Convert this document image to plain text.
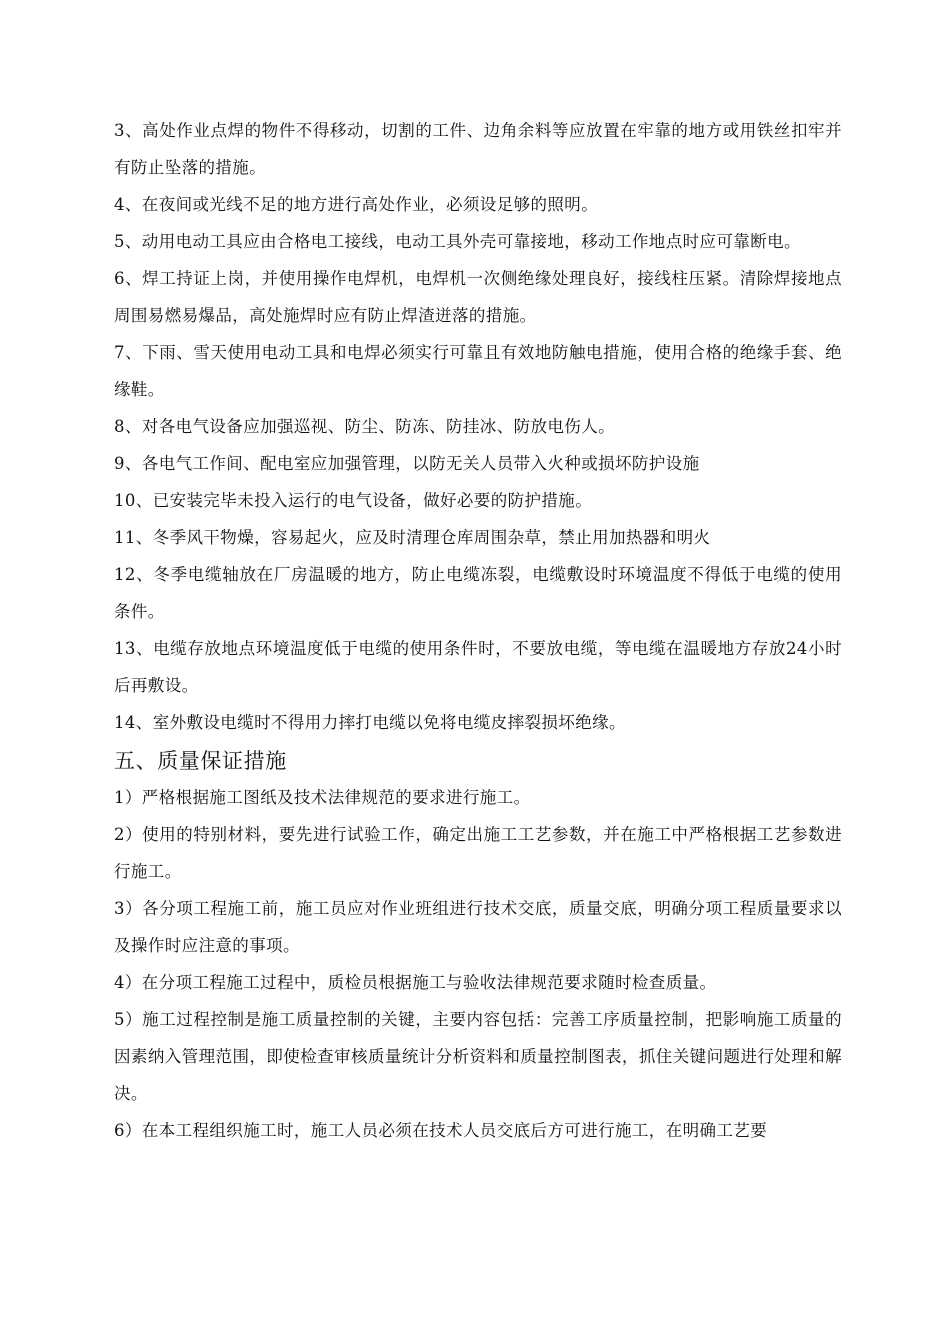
3、高处作业点焊的物件不得移动，切割的工件、边角余料等应放置在牢靠的地方或用铁丝扣牢并有防止坠落的措施。

4、在夜间或光线不足的地方进行高处作业，必须设足够的照明。

5、动用电动工具应由合格电工接线，电动工具外壳可靠接地，移动工作地点时应可靠断电。

6、焊工持证上岗，并使用操作电焊机，电焊机一次侧绝缘处理良好，接线柱压紧。清除焊接地点周围易燃易爆品，高处施焊时应有防止焊渣迸落的措施。

7、下雨、雪天使用电动工具和电焊必须实行可靠且有效地防触电措施，使用合格的绝缘手套、绝缘鞋。

8、对各电气设备应加强巡视、防尘、防冻、防挂冰、防放电伤人。

9、各电气工作间、配电室应加强管理，以防无关人员带入火种或损坏防护设施

10、已安装完毕未投入运行的电气设备，做好必要的防护措施。

11、冬季风干物燥，容易起火，应及时清理仓库周围杂草，禁止用加热器和明火

12、冬季电缆轴放在厂房温暖的地方，防止电缆冻裂，电缆敷设时环境温度不得低于电缆的使用条件。

13、电缆存放地点环境温度低于电缆的使用条件时，不要放电缆，等电缆在温暖地方存放24小时后再敷设。

14、室外敷设电缆时不得用力摔打电缆以免将电缆皮摔裂损坏绝缘。

五、质量保证措施

1）严格根据施工图纸及技术法律规范的要求进行施工。

2）使用的特别材料，要先进行试验工作，确定出施工工艺参数，并在施工中严格根据工艺参数进行施工。

3）各分项工程施工前，施工员应对作业班组进行技术交底，质量交底，明确分项工程质量要求以及操作时应注意的事项。

4）在分项工程施工过程中，质检员根据施工与验收法律规范要求随时检查质量。

5）施工过程控制是施工质量控制的关键，主要内容包括：完善工序质量控制，把影响施工质量的因素纳入管理范围，即使检查审核质量统计分析资料和质量控制图表，抓住关键问题进行处理和解决。

6）在本工程组织施工时，施工人员必须在技术人员交底后方可进行施工，在明确工艺要
